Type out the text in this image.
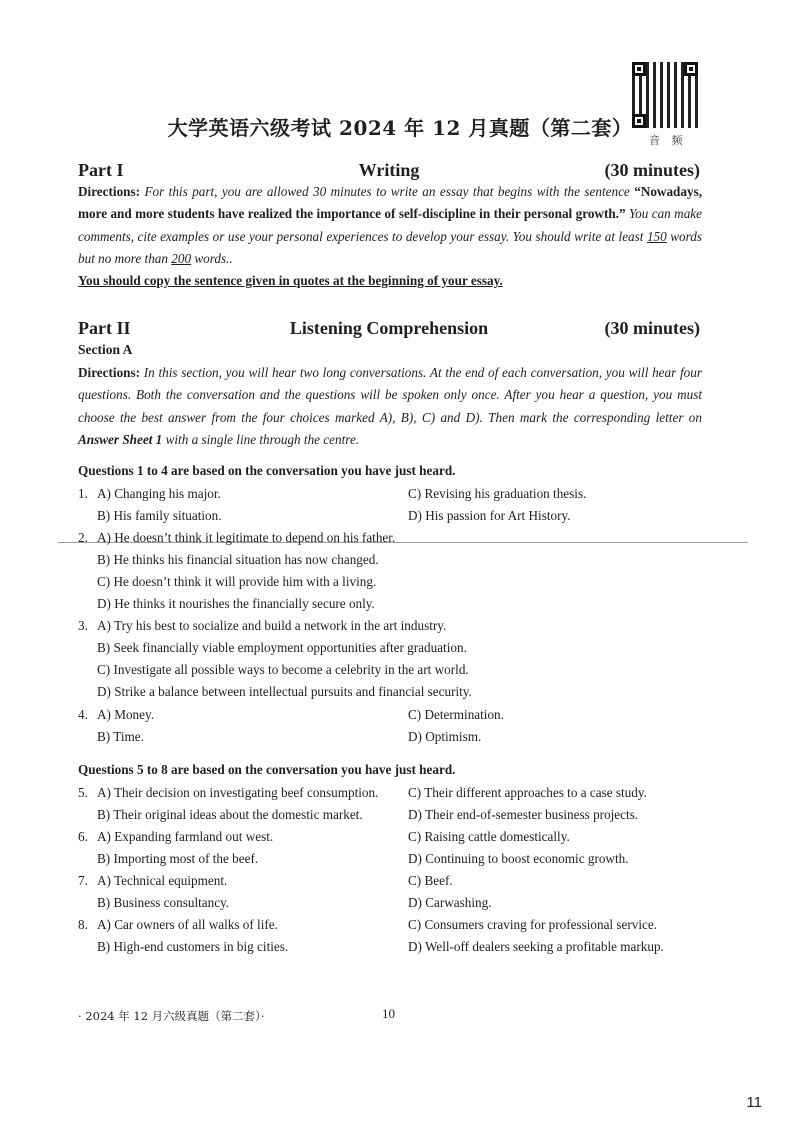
大学英语六级考试 2024 年 12 月真题（第二套）
音 频
Writing
Part I	(30 minutes)
Directions: For this part, you are allowed 30 minutes to write an essay that begins with the sentence “Nowadays, more and more students have realized the importance of self-discipline in their personal growth.” You can make comments, cite examples or use your personal experiences to develop your essay. You should write at least 150 words but no more than 200 words..
You should copy the sentence given in quotes at the beginning of your essay.
Listening Comprehension
Part II	(30 minutes)
Section A
Directions: In this section, you will hear two long conversations. At the end of each conversation, you will hear four questions. Both the conversation and the questions will be spoken only once. After you hear a question, you must choose the best answer from the four choices marked A), B), C) and D). Then mark the corresponding letter on Answer Sheet 1 with a single line through the centre.
Questions 1 to 4 are based on the conversation you have just heard.
1. A) Changing his major.	C) Revising his graduation thesis.
B) His family situation.	D) His passion for Art History.
2. A) He doesn’t think it legitimate to depend on his father.
B) He thinks his financial situation has now changed.
C) He doesn’t think it will provide him with a living.
D) He thinks it nourishes the financially secure only.
3. A) Try his best to socialize and build a network in the art industry.
B) Seek financially viable employment opportunities after graduation.
C) Investigate all possible ways to become a celebrity in the art world.
D) Strike a balance between intellectual pursuits and financial security.
4. A) Money.	C) Determination.
B) Time.	D) Optimism.
Questions 5 to 8 are based on the conversation you have just heard.
5. A) Their decision on investigating beef consumption. C) Their different approaches to a case study.
B) Their original ideas about the domestic market.	D) Their end-of-semester business projects.
6. A) Expanding farmland out west.	C) Raising cattle domestically.
B) Importing most of the beef.	D) Continuing to boost economic growth.
7. A) Technical equipment.	C) Beef.
B) Business consultancy.	D) Carwashing.
8. A) Car owners of all walks of life.	C) Consumers craving for professional service.
B) High-end customers in big cities.	D) Well-off dealers seeking a profitable markup.
· 2024 年 12 月六级真题（第二套）·	10
11
